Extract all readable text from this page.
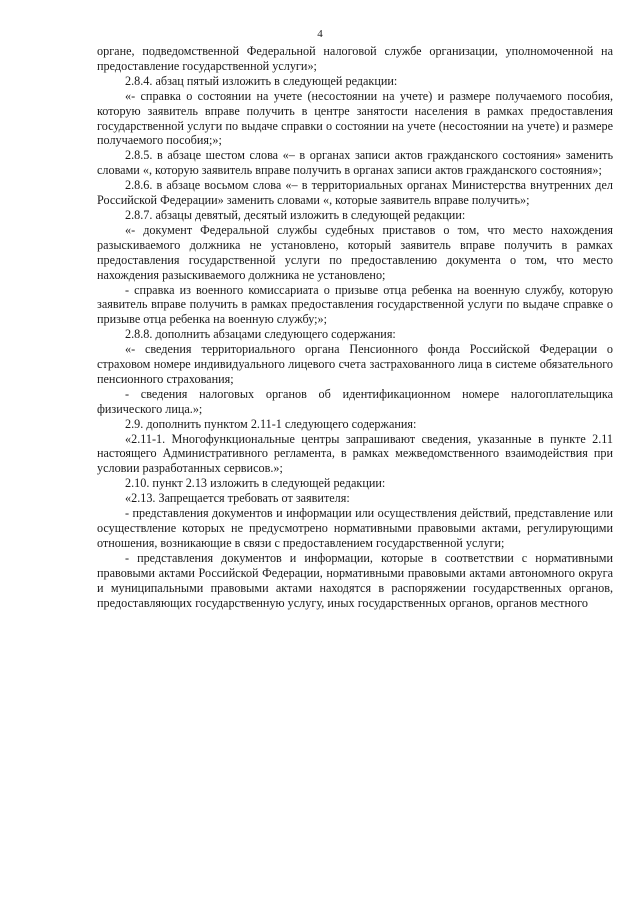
4

органе, подведомственной Федеральной налоговой службе организации, уполномоченной на предоставление государственной услуги»;

2.8.4. абзац пятый изложить в следующей редакции:

«- справка о состоянии на учете (несостоянии на учете) и размере получаемого пособия, которую заявитель вправе получить в центре занятости населения в рамках предоставления государственной услуги по выдаче справки о состоянии на учете (несостоянии на учете) и размере получаемого пособия;»;

2.8.5. в абзаце шестом слова «– в органах записи актов гражданского состояния» заменить словами «, которую заявитель вправе получить в органах записи актов гражданского состояния»;

2.8.6. в абзаце восьмом слова «– в территориальных органах Министерства внутренних дел Российской Федерации» заменить словами «, которые заявитель вправе получить»;

2.8.7. абзацы девятый, десятый изложить в следующей редакции:

«- документ Федеральной службы судебных приставов о том, что место нахождения разыскиваемого должника не установлено, который заявитель вправе получить в рамках предоставления государственной услуги по предоставлению документа о том, что место нахождения разыскиваемого должника не установлено;

- справка из военного комиссариата о призыве отца ребенка на военную службу, которую заявитель вправе получить в рамках предоставления государственной услуги по выдаче справке о призыве отца ребенка на военную службу;»;

2.8.8. дополнить абзацами следующего содержания:

«- сведения территориального органа Пенсионного фонда Российской Федерации о страховом номере индивидуального лицевого счета застрахованного лица в системе обязательного пенсионного страхования;

- сведения налоговых органов об идентификационном номере налогоплательщика физического лица.»;

2.9. дополнить пунктом 2.11-1 следующего содержания:

«2.11-1. Многофункциональные центры запрашивают сведения, указанные в пункте 2.11 настоящего Административного регламента, в рамках межведомственного взаимодействия при условии разработанных сервисов.»;

2.10. пункт 2.13 изложить в следующей редакции:

«2.13. Запрещается требовать от заявителя:

- представления документов и информации или осуществления действий, представление или осуществление которых не предусмотрено нормативными правовыми актами, регулирующими отношения, возникающие в связи с предоставлением государственной услуги;

- представления документов и информации, которые в соответствии с нормативными правовыми актами Российской Федерации, нормативными правовыми актами автономного округа и муниципальными правовыми актами находятся в распоряжении государственных органов, предоставляющих государственную услугу, иных государственных органов, органов местного
